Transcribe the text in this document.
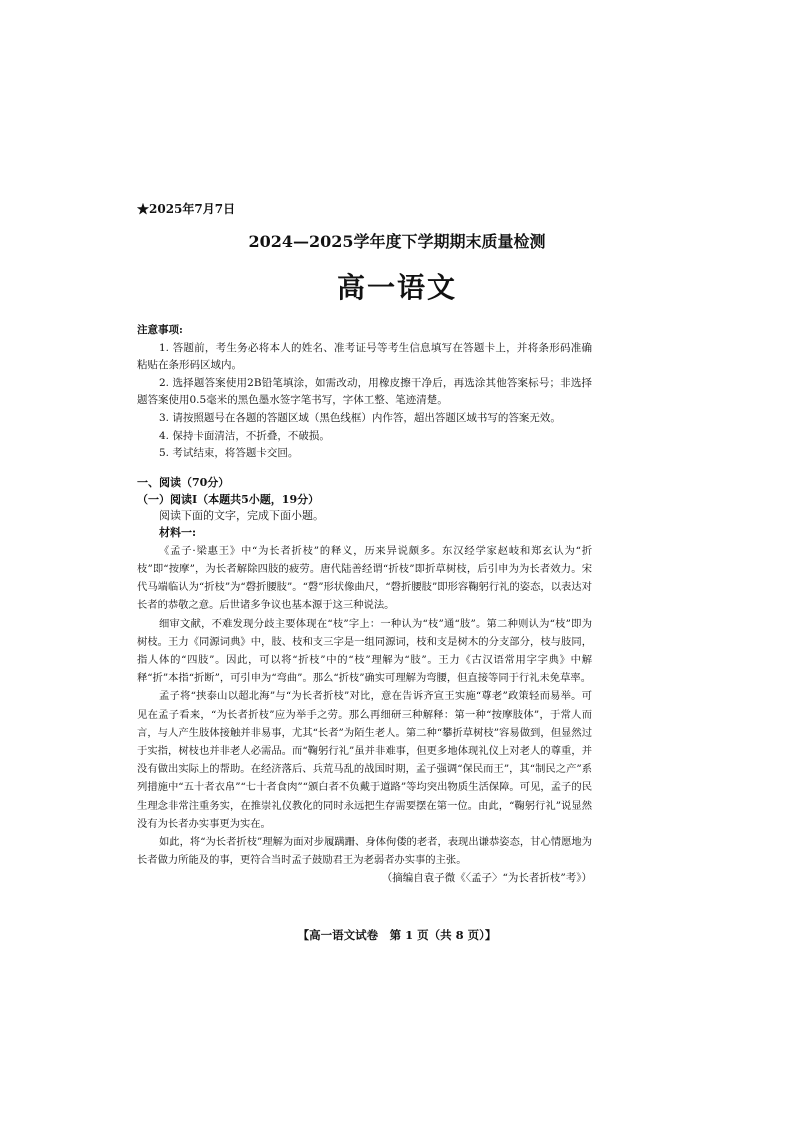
★2025年7月7日
2024—2025学年度下学期期末质量检测
高一语文
注意事项:
1. 答题前，考生务必将本人的姓名、准考证号等考生信息填写在答题卡上，并将条形码准确粘贴在条形码区域内。
2. 选择题答案使用2B铅笔填涂，如需改动，用橡皮擦干净后，再选涂其他答案标号；非选择题答案使用0.5毫米的黑色墨水签字笔书写，字体工整、笔迹清楚。
3. 请按照题号在各题的答题区域（黑色线框）内作答，超出答题区域书写的答案无效。
4. 保持卡面清洁，不折叠，不破损。
5. 考试结束，将答题卡交回。
一、阅读（70分）
（一）阅读Ⅰ（本题共5小题，19分）
阅读下面的文字，完成下面小题。
材料一:

《孟子·梁惠王》中“为长者折枝”的释义，历来异说颇多。东汉经学家赵岐和郑玄认为“折枝”即“按摩”，为长者解除四肢的疲劳。唐代陆善经谓“折枝”即折草树枝，后引申为为长者效力。宋代马端临认为“折枝”为“磬折腰肢”。“磬”形状像曲尺，“磬折腰肢”即形容鞠躬行礼的姿态，以表达对长者的恭敬之意。后世诸多争议也基本源于这三种说法。

细审文献，不难发现分歧主要体现在“枝”字上：一种认为“枝”通“肢”。第二种则认为“枝”即为树枝。王力《同源词典》中，肢、枝和支三字是一组同源词，枝和支是树木的分支部分，枝与肢同，指人体的“四肢”。因此，可以将“折枝”中的“枝”理解为“肢”。王力《古汉语常用字字典》中解释“折”本指“折断”，可引申为“弯曲”。那么“折枝”确实可理解为弯腰，但直接等同于行礼未免草率。

孟子将“挟泰山以超北海”与“为长者折枝”对比，意在告诉齐宣王实施“尊老”政策轻而易举。可见在孟子看来，“为长者折枝”应为举手之劳。那么再细研三种解释：第一种“按摩肢体”，于常人而言，与人产生肢体接触并非易事，尤其“长者”为陌生老人。第二种“攀折草树枝”容易做到，但显然过于实指，树枝也并非老人必需品。而“鞠躬行礼”虽并非难事，但更多地体现礼仪上对老人的尊重，并没有做出实际上的帮助。在经济落后、兵荒马乱的战国时期，孟子强调“保民而王”，其“制民之产”系列措施中“五十者衣帛”“七十者食肉”“颁白者不负戴于道路”等均突出物质生活保障。可见，孟子的民生理念非常注重务实，在推崇礼仪教化的同时永远把生存需要摆在第一位。由此，“鞠躬行礼”说显然没有为长者办实事更为实在。

如此，将“为长者折枝”理解为面对步履蹒跚、身体佝偻的老者，表现出谦恭姿态，甘心情愿地为长者做力所能及的事，更符合当时孟子鼓励君王为老弱者办实事的主张。

（摘编自袁子微《〈孟子〉“为长者折枝”考》）
【高一语文试卷　第 1 页（共 8 页）】
